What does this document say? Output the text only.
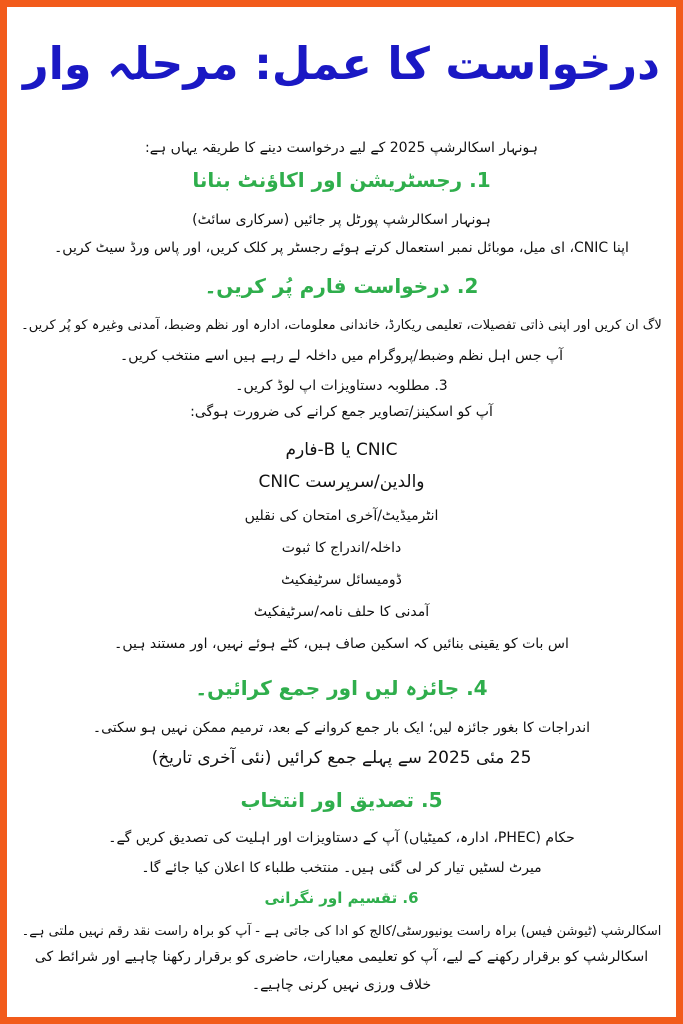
درخواست کا عمل: مرحلہ وار
ہونہار اسکالرشپ 2025 کے لیے درخواست دینے کا طریقہ یہاں ہے:
1. رجسٹریشن اور اکاؤنٹ بنانا
ہونہار اسکالرشپ پورٹل پر جائیں (سرکاری سائٹ)
اپنا CNIC، ای میل، موبائل نمبر استعمال کرتے ہوئے رجسٹر پر کلک کریں، اور پاس ورڈ سیٹ کریں۔
2. درخواست فارم پُر کریں۔
لاگ ان کریں اور اپنی ذاتی تفصیلات، تعلیمی ریکارڈ، خاندانی معلومات، ادارہ اور نظم وضبط، آمدنی وغیرہ کو پُر کریں۔
آپ جس اہل نظم وضبط/پروگرام میں داخلہ لے رہے ہیں اسے منتخب کریں۔
3. مطلوبہ دستاویزات اپ لوڈ کریں۔
آپ کو اسکینز/تصاویر جمع کرانے کی ضرورت ہوگی:
CNIC یا B-فارم
والدین/سرپرست CNIC
انٹرمیڈیٹ/آخری امتحان کی نقلیں
داخلہ/اندراج کا ثبوت
ڈومیسائل سرٹیفکیٹ
آمدنی کا حلف نامہ/سرٹیفکیٹ
اس بات کو یقینی بنائیں کہ اسکین صاف ہیں، کٹے ہوئے نہیں، اور مستند ہیں۔
4. جائزہ لیں اور جمع کرائیں۔
اندراجات کا بغور جائزہ لیں؛ ایک بار جمع کروانے کے بعد، ترمیم ممکن نہیں ہو سکتی۔
25 مئی 2025 سے پہلے جمع کرائیں (نئی آخری تاریخ)
5. تصدیق اور انتخاب
حکام (PHEC، ادارہ، کمیٹیاں) آپ کے دستاویزات اور اہلیت کی تصدیق کریں گے۔
میرٹ لسٹیں تیار کر لی گئی ہیں۔ منتخب طلباء کا اعلان کیا جائے گا۔
6. تقسیم اور نگرانی
اسکالرشپ (ٹیوشن فیس) براہ راست یونیورسٹی/کالج کو ادا کی جاتی ہے - آپ کو براہ راست نقد رقم نہیں ملتی ہے۔
اسکالرشپ کو برقرار رکھنے کے لیے، آپ کو تعلیمی معیارات، حاضری کو برقرار رکھنا چاہیے اور شرائط کی خلاف ورزی نہیں کرنی چاہیے۔
